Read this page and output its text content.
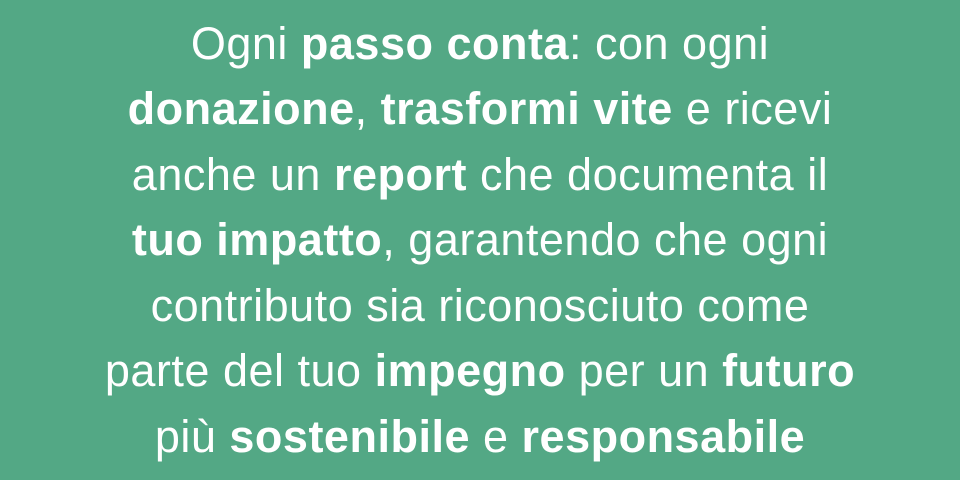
Ogni passo conta: con ogni
donazione, trasformi vite e ricevi
anche un report che documenta il
tuo impatto, garantendo che ogni
contributo sia riconosciuto come
parte del tuo impegno per un futuro
più sostenibile e responsabile
